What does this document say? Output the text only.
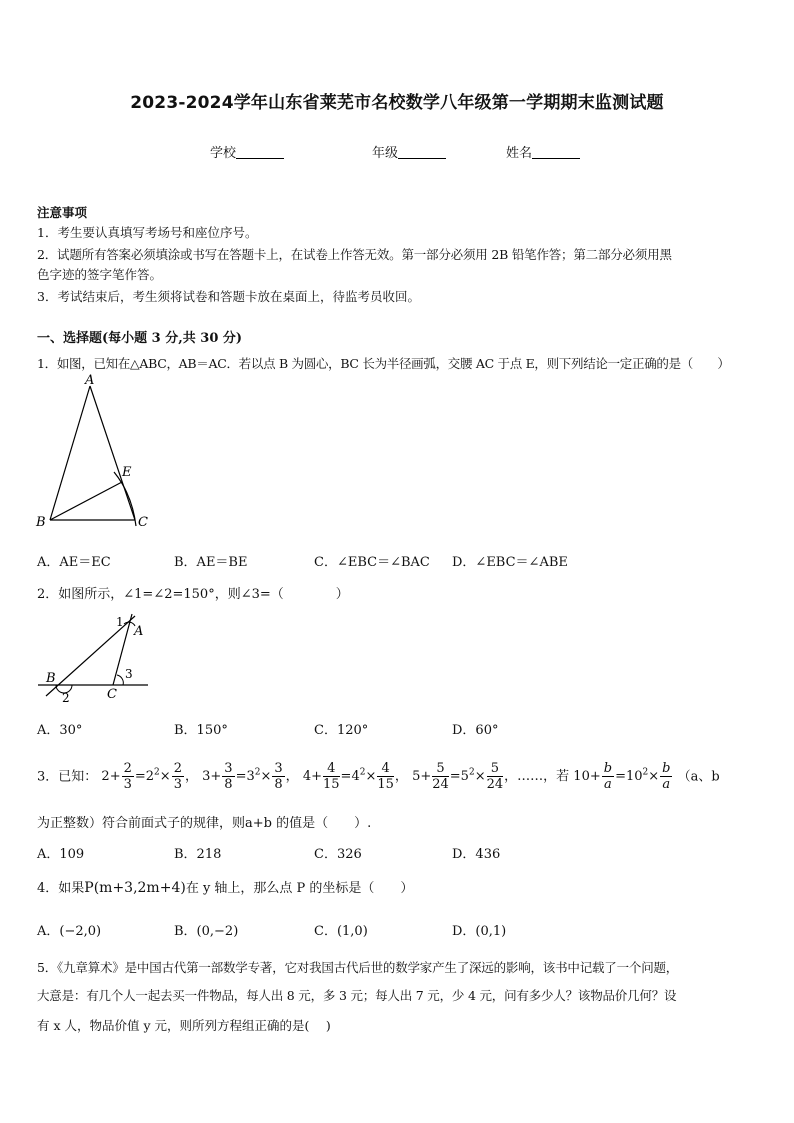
2023-2024学年山东省莱芜市名校数学八年级第一学期期末监测试题
学校	年级	姓名
注意事项
1．考生要认真填写考场号和座位序号。
2．试题所有答案必须填涂或书写在答题卡上，在试卷上作答无效。第一部分必须用 2B 铅笔作答；第二部分必须用黑
色字迹的签字笔作答。
3．考试结束后，考生须将试卷和答题卡放在桌面上，待监考员收回。
一、选择题(每小题 3 分,共 30 分)
1．如图，已知在△ABC，AB＝AC．若以点 B 为圆心，BC 长为半径画弧，交腰 AC 于点 E，则下列结论一定正确的是（　　）
A
B	C
E
A．AE＝EC	B．AE＝BE	C．∠EBC＝∠BAC D．∠EBC＝∠ABE
2．如图所示，∠1=∠2=150°，则∠3=（　　　　）
1
A
B
2	C
3
A．30°	B．150°	C．120°	D．60°
3．已知： $2+ \frac{2}{3} =2^2\times \frac{2}{3}$ ， $3+ \frac{3}{8} =3^2\times \frac{3}{8}$ ， $4+ \frac{4}{15} =4^2\times \frac{4}{15}$ ， $5+ \frac{5}{24} =5^2\times \frac{5}{24}$ ，……，若 $10+ \frac{b}{a} =10^2\times \frac{b}{a} (a$、b
为正整数）符合前面式子的规律，则a+b 的值是（　　）.
A．109	B．218	C．326	D．436
4．如果P(m+3,2m+4)在 y 轴上，那么点 P 的坐标是（　　）
A．(−2,0)	B．(0,−2)	C．(1,0)	D．(0,1)
5．《九章算术》是中国古代第一部数学专著，它对我国古代后世的数学家产生了深远的影响，该书中记载了一个问题，
大意是：有几个人一起去买一件物品，每人出 8 元，多 3 元；每人出 7 元，少 4 元，问有多少人？该物品价几何？设
有 x 人，物品价值 y 元，则所列方程组正确的是(　 )
